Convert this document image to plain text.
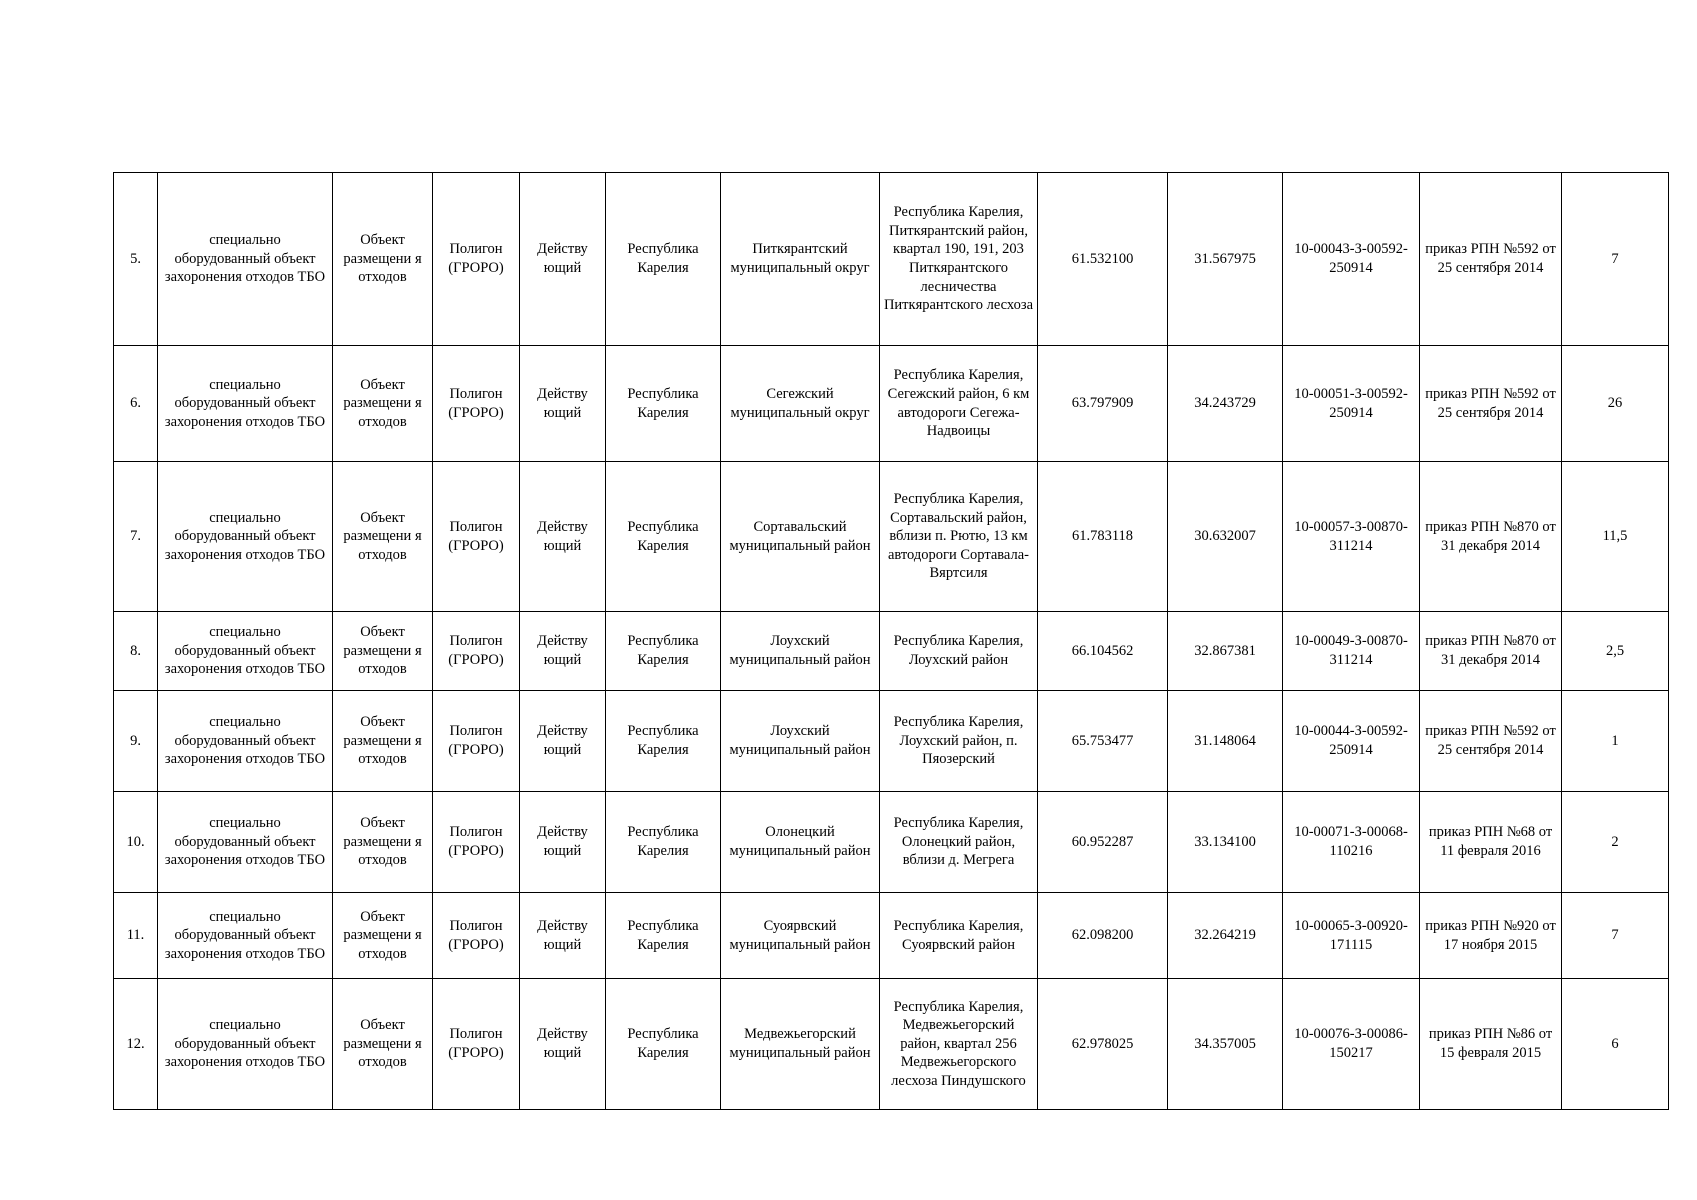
5.	специально оборудованный объект захоронения отходов ТБО	Объект размещени я отходов	Полигон (ГРОРО)	Действу ющий	Республика Карелия	Питкярантский муниципальный округ	Республика Карелия, Питкярантский район, квартал 190, 191, 203 Питкярантского лесничества Питкярантского лесхоза	61.532100	31.567975	10-00043-З-00592-250914	приказ РПН №592 от 25 сентября 2014	7
6.	специально оборудованный объект захоронения отходов ТБО	Объект размещени я отходов	Полигон (ГРОРО)	Действу ющий	Республика Карелия	Сегежский муниципальный округ	Республика Карелия, Сегежский район, 6 км автодороги Сегежа-Надвоицы	63.797909	34.243729	10-00051-З-00592-250914	приказ РПН №592 от 25 сентября 2014	26
7.	специально оборудованный объект захоронения отходов ТБО	Объект размещени я отходов	Полигон (ГРОРО)	Действу ющий	Республика Карелия	Сортавальский муниципальный район	Республика Карелия, Сортавальский район, вблизи п. Рютю, 13 км автодороги Сортавала-Вяртсиля	61.783118	30.632007	10-00057-З-00870-311214	приказ РПН №870 от 31 декабря 2014	11,5
8.	специально оборудованный объект захоронения отходов ТБО	Объект размещени я отходов	Полигон (ГРОРО)	Действу ющий	Республика Карелия	Лоухский муниципальный район	Республика Карелия, Лоухский район	66.104562	32.867381	10-00049-З-00870-311214	приказ РПН №870 от 31 декабря 2014	2,5
9.	специально оборудованный объект захоронения отходов ТБО	Объект размещени я отходов	Полигон (ГРОРО)	Действу ющий	Республика Карелия	Лоухский муниципальный район	Республика Карелия, Лоухский район, п. Пяозерский	65.753477	31.148064	10-00044-З-00592-250914	приказ РПН №592 от 25 сентября 2014	1
10.	специально оборудованный объект захоронения отходов ТБО	Объект размещени я отходов	Полигон (ГРОРО)	Действу ющий	Республика Карелия	Олонецкий муниципальный район	Республика Карелия, Олонецкий район, вблизи д. Мегрега	60.952287	33.134100	10-00071-З-00068-110216	приказ РПН №68 от 11 февраля 2016	2
11.	специально оборудованный объект захоронения отходов ТБО	Объект размещени я отходов	Полигон (ГРОРО)	Действу ющий	Республика Карелия	Суоярвский муниципальный район	Республика Карелия, Суоярвский район	62.098200	32.264219	10-00065-З-00920-171115	приказ РПН №920 от 17 ноября 2015	7
12.	специально оборудованный объект захоронения отходов ТБО	Объект размещени я отходов	Полигон (ГРОРО)	Действу ющий	Республика Карелия	Медвежьегорский муниципальный район	Республика Карелия, Медвежьегорский район, квартал 256 Медвежьегорского лесхоза Пиндушского	62.978025	34.357005	10-00076-З-00086-150217	приказ РПН №86 от 15 февраля 2015	6
